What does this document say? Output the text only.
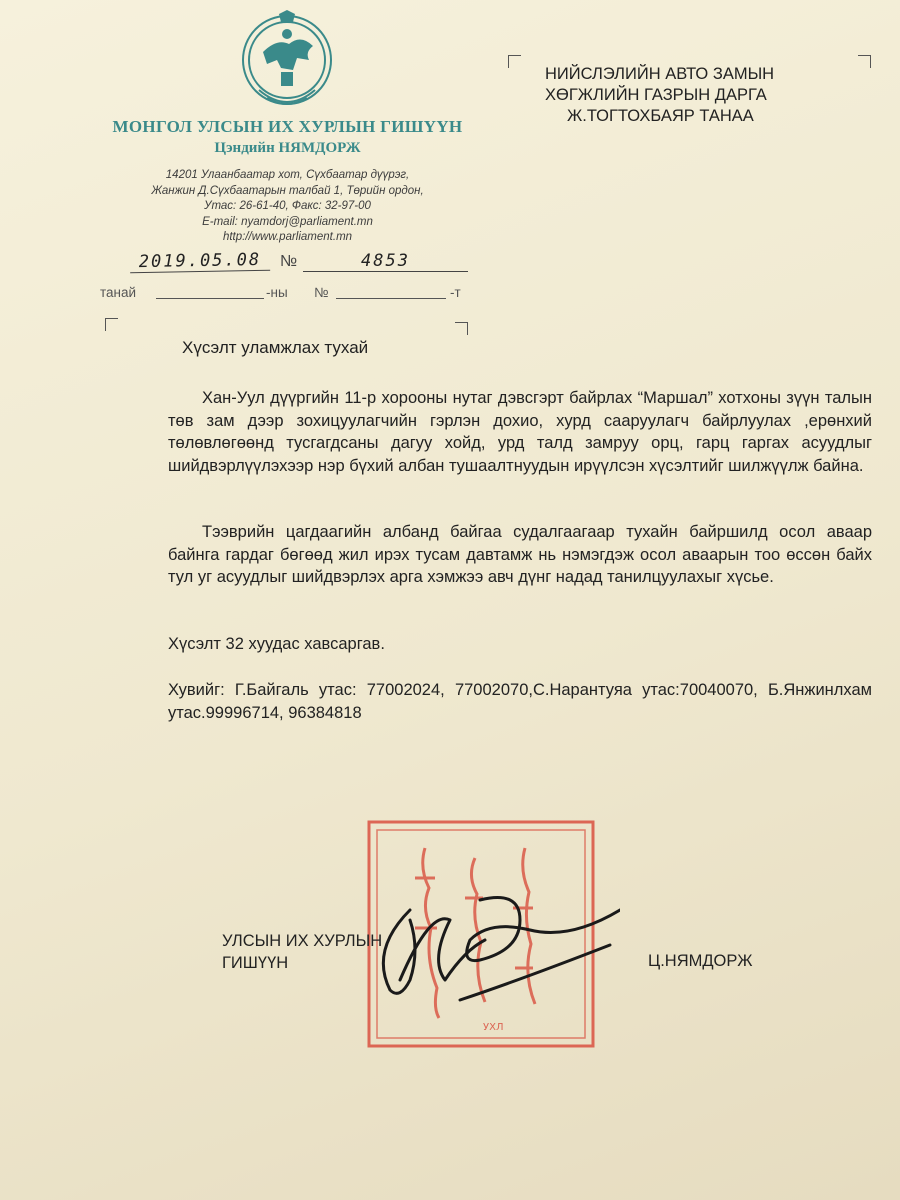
МОНГОЛ УЛСЫН ИХ ХУРЛЫН ГИШҮҮН
Цэндийн НЯМДОРЖ
14201 Улаанбаатар хот, Сүхбаатар дүүрэг,
Жанжин Д.Сүхбаатарын талбай 1, Төрийн ордон,
Утас: 26-61-40, Факс: 32-97-00
E-mail: nyamdorj@parliament.mn
http://www.parliament.mn
2019.05.08	№	4853
танай	-ны №	-т
НИЙСЛЭЛИЙН АВТО ЗАМЫН
ХӨГЖЛИЙН ГАЗРЫН ДАРГА
Ж.ТОГТОХБАЯР ТАНАА
Хүсэлт уламжлах тухай
Хан-Уул дүүргийн 11-р хорооны нутаг дэвсгэрт байрлах “Маршал” хотхоны зүүн талын төв зам дээр зохицуулагчийн гэрлэн дохио, хурд сааруулагч байрлуулах ,ерөнхий төлөвлөгөөнд тусгагдсаны дагуу хойд, урд талд замруу орц, гарц гаргах асуудлыг шийдвэрлүүлэхээр нэр бүхий албан тушаалтнуудын ирүүлсэн хүсэлтийг шилжүүлж байна.
Тээврийн цагдаагийн албанд байгаа судалгаагаар тухайн байршилд осол аваар байнга гардаг бөгөөд жил ирэх тусам давтамж нь нэмэгдэж осол аваарын тоо өссөн байх тул уг асуудлыг шийдвэрлэх арга хэмжээ авч дүнг надад танилцуулахыг хүсье.
Хүсэлт 32 хуудас хавсаргав.
Хувийг: Г.Байгаль утас: 77002024, 77002070,С.Нарантуяа утас:70040070, Б.Янжинлхам утас.99996714, 96384818
УХЛ
УЛСЫН ИХ ХУРЛЫН
ГИШҮҮН	Ц.НЯМДОРЖ
